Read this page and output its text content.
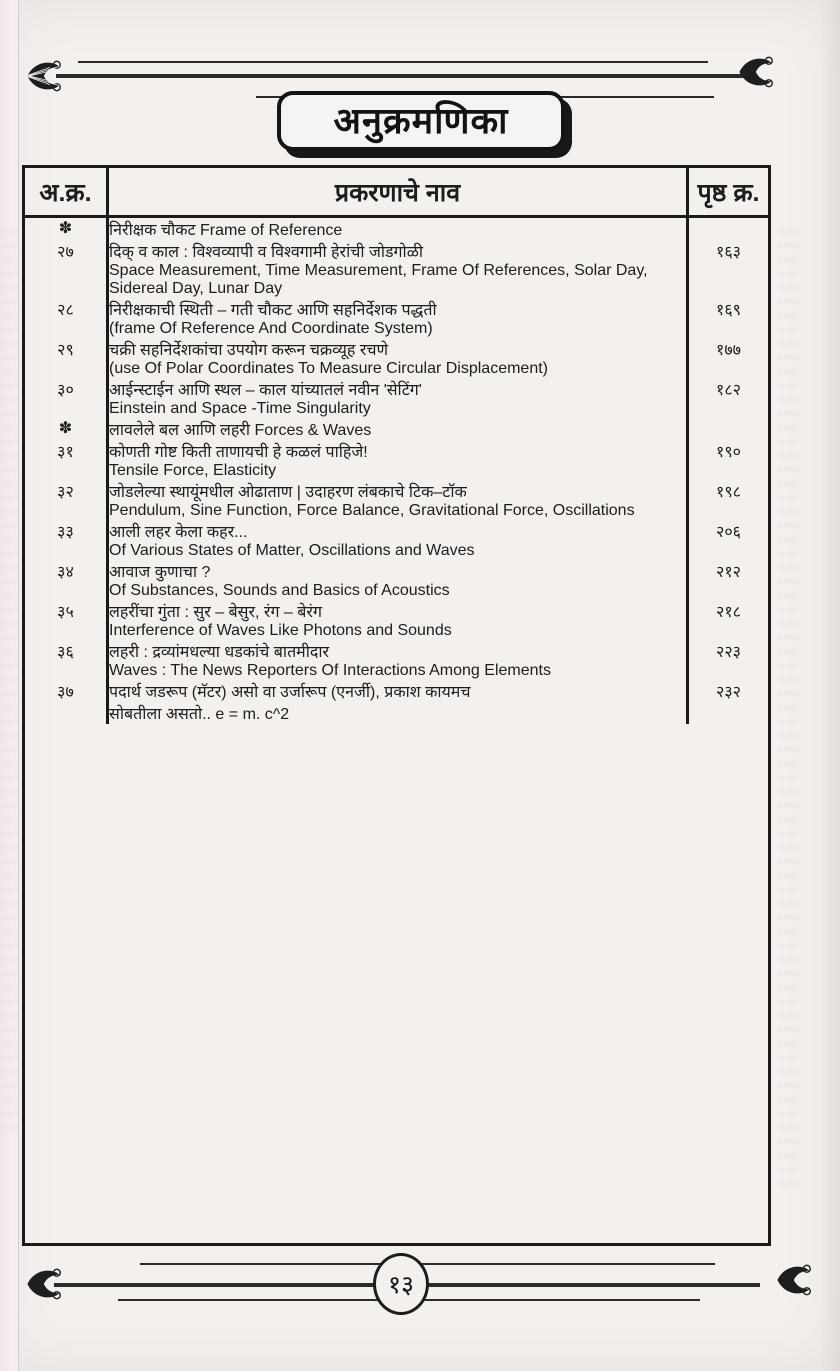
अनुक्रमणिका
अ.क्र.	प्रकरणाचे नाव	पृष्ठ क्र.
✽	निरीक्षक चौकट Frame of Reference
२७	दिक् व काल : विश्वव्यापी व विश्वगामी हेरांची जोडगोळी	१६३
Space Measurement, Time Measurement, Frame Of References, Solar Day, Sidereal Day, Lunar Day
२८	निरीक्षकाची स्थिती – गती चौकट आणि सहनिर्देशक पद्धती	१६९
(frame Of Reference And Coordinate System)
२९	चक्री सहनिर्देशकांचा उपयोग करून चक्रव्यूह रचणे	१७७
(use Of Polar Coordinates To Measure Circular Displacement)
३०	आईन्स्टाईन आणि स्थल – काल यांच्यातलं नवीन 'सेटिंग'	१८२
Einstein and Space -Time Singularity
✽	लावलेले बल आणि लहरी Forces & Waves
३१	कोणती गोष्ट किती ताणायची हे कळलं पाहिजे!	१९०
Tensile Force, Elasticity
३२	जोडलेल्या स्थायूंमधील ओढाताण | उदाहरण लंबकाचे टिक–टॉक	१९८
Pendulum, Sine Function, Force Balance, Gravitational Force, Oscillations
३३	आली लहर केला कहर...	२०६
Of Various States of Matter, Oscillations and Waves
३४	आवाज कुणाचा ?	२१२
Of Substances, Sounds and Basics of Acoustics
३५	लहरींचा गुंता : सुर – बेसुर, रंग – बेरंग	२१८
Interference of Waves Like Photons and Sounds
३६	लहरी : द्रव्यांमधल्या धडकांचे बातमीदार	२२३
Waves : The News Reporters Of Interactions Among Elements
३७	पदार्थ जडरूप (मॅटर) असो वा उर्जारूप (एनर्जी), प्रकाश कायमच	२३२
सोबतीला असतो.. e = m. c^2
१३
